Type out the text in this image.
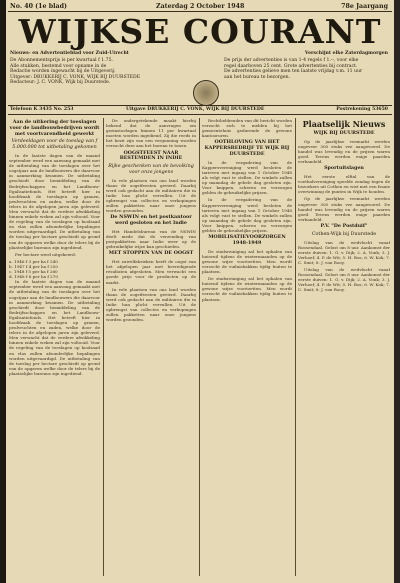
No. 40 (1e blad)	Zaterdag 2 October 1948	78e Jaargang
WIJKSE COURANT
Nieuws- en Advertentieblad voor Zuid-Utrecht	Verschijnt elke Zaterdagmorgen
De Abonnementsprijs is per kwartaal f 1.75.
Alle stukken, bestemd voor opname in de
Redactie worden ingewacht bij de Uitgeverij.
Uitgever: DRUKKERIJ C. VONK, WIJK BIJ DUURSTEDE
Redacteur: J. C. VONK, Wijk bij Duurstede.
De prijs der advertenties is van 1-4 regels f 1.--, voor elke
regel daarboven 25 cent. Grote advertenties bij contract.
De advertenties gelieve men ten laatste vrijdag v.m. 11 uur
aan het bureau te bezorgen.
Telefoon K 3435 No. 253	Uitgave DRUKKERIJ C. VONK, WIJK BIJ DUURSTEDE	Postrekening 53650
Aan de uitkering der toeslagen voor de landbouwbedrijven wordt met voortvarendheid gewerkt
Verdeeldagen voor de toeslag van f 5.000.000 tot uitbetaling gekomen
In de laatste dagen van de maand september werd een aanvang gemaakt met de uitbetaling van de toeslagen over het oogstjaar aan de landbouwers die daarvoor in aanmerking kwamen. De uitbetaling geschiedt door bemiddeling van de Bedrijfsschappen en het Landbouw-Egalisatiefonds. Het betreft hier in hoofdzaak de toeslagen op granen, peulvruchten en zaden, welke door de telers in de afgelopen jaren zijn geleverd. Men verwacht dat de verdere afwikkeling binnen enkele weken zal zijn voltooid. Voor de regeling van de toeslagen op koolzaad en vlas zullen afzonderlijke bepalingen worden uitgevaardigd. De uitbetaling van de toeslag per hectare geschiedt op grond van de opgaven welke door de telers bij de plaatselijke bureaus zijn ingediend.
Per hectare werd uitgekeerd:
a. 1946 f 3 per ha f 240
b. 1947 f 4 per ha f 250
c. 1948 f 5 per ha f 260
d. 1948 f 6 per ha f 270
In de laatste dagen van de maand september werd een aanvang gemaakt met de uitbetaling van de toeslagen over het oogstjaar aan de landbouwers die daarvoor in aanmerking kwamen. De uitbetaling geschiedt door bemiddeling van de Bedrijfsschappen en het Landbouw-Egalisatiefonds. Het betreft hier in hoofdzaak de toeslagen op granen, peulvruchten en zaden, welke door de telers in de afgelopen jaren zijn geleverd. Men verwacht dat de verdere afwikkeling binnen enkele weken zal zijn voltooid. Voor de regeling van de toeslagen op koolzaad en vlas zullen afzonderlijke bepalingen worden uitgevaardigd. De uitbetaling van de toeslag per hectare geschiedt op grond van de opgaven welke door de telers bij de plaatselijke bureaus zijn ingediend.
De ondergetekende maakt hierbij bekend dat de aanvragen om gezinstoelagen binnen 11 per kwartaal moeten worden ingediend. Zij die reeds in het bezit zijn van een vergunning worden verzocht deze aan het bureau te tonen.
OOGSTFEEST NAAR BESTEMDEN IN INDIE
Rijke geschenken van de bevolking voor onze jongens
In vele plaatsen van ons land worden thans de oogstfeesten gevierd. Daarbij werd ook gedacht aan de militairen die in Indie hun plicht vervullen. Uit de opbrengst van collectes en verkopingen zullen pakketten naar onze jongens worden gezonden.
De NSWIN en het postkantoor werd gesloten en het Indie
Het Handelsbureau van de NSWIN deelt mede dat de verzending van postpakketten naar Indie weer op de gebruikelijke wijze kan geschieden.
MET STOPPEN VAN DE OOGST
Het zuivelfabrieken heeft de oogst van het afgelopen jaar met bevredigende resultaten afgesloten. Men verwacht een goede prijs voor de producten op de markt.
In vele plaatsen van ons land worden thans de oogstfeesten gevierd. Daarbij werd ook gedacht aan de militairen die in Indie hun plicht vervullen. Uit de opbrengst van collectes en verkopingen zullen pakketten naar onze jongens worden gezonden.
Rechthebbenden van dit bericht worden verzocht zich te melden bij het gemeentehuis gedurende de gewone kantooruren.
OOTHLOVING VAN HET KAPPERSBEDRIJF TE WIJK BIJ DUURSTEDE
In de vergadering van de Kappersvereniging werd besloten de tarieven met ingang van 1 October 1948 als volgt vast te stellen. De winkels zullen op maandag de gehele dag gesloten zijn. Voor knippen, scheren en verzorgen gelden de gebruikelijke prijzen.
In de vergadering van de Kappersvereniging werd besloten de tarieven met ingang van 1 October 1948 als volgt vast te stellen. De winkels zullen op maandag de gehele dag gesloten zijn. Voor knippen, scheren en verzorgen gelden de gebruikelijke prijzen.
MOBILISATIEVOORZORGEN 1948-1949
De stadsreiniging zal het ophalen van huisvuil tijdens de wintermaanden op de gewone wijze voortzetten. Men wordt verzocht de vuilnisbakken tijdig buiten te plaatsen.
De stadsreiniging zal het ophalen van huisvuil tijdens de wintermaanden op de gewone wijze voortzetten. Men wordt verzocht de vuilnisbakken tijdig buiten te plaatsen.
Plaatselijk Nieuws
WIJK BIJ DUURSTEDE
Op de jaarlijkse veemarkt werden ongeveer 300 stuks vee aangevoerd. De handel was levendig en de prijzen waren goed. Tevens werden enige paarden verhandeld.
Sportuitslagen
Het eerste elftal van de voetbalvereniging speelde zondag tegen de bezoekers uit Cothen en wist met een fraaie overwinning de punten in Wijk te houden.
Op de jaarlijkse veemarkt werden ongeveer 300 stuks vee aangevoerd. De handel was levendig en de prijzen waren goed. Tevens werden enige paarden verhandeld.
P.V. "De Postduif"
Cothen-Wijk bij Duurstede
Uitslag van de wedvlucht vanaf Roosendaal. Gelost om 8 uur. Aankomst der eerste duiven: 1. G. v. Dijk; 2. A. Vonk; 3. J. Verhoef; 4. P. de Wit; 5. H. Bos; 6. W. Kok; 7. C. Smit; 8. J. van Rooy.
Uitslag van de wedvlucht vanaf Roosendaal. Gelost om 8 uur. Aankomst der eerste duiven: 1. G. v. Dijk; 2. A. Vonk; 3. J. Verhoef; 4. P. de Wit; 5. H. Bos; 6. W. Kok; 7. C. Smit; 8. J. van Rooy.
